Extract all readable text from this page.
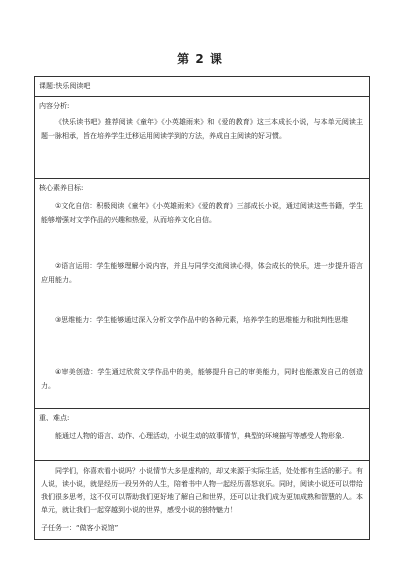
第 2 课
课题:快乐阅读吧
内容分析:
《快乐读书吧》推荐阅读《童年》《小英雄雨来》和《爱的教育》这三本成长小说，与本单元阅读主题一脉相承，旨在培养学生迁移运用阅读学到的方法，养成自主阅读的好习惯。
核心素养目标:
①文化自信：积极阅读《童年》《小英雄雨来》《爱的教育》三部成长小说，通过阅读这些书籍，学生能够增强对文学作品的兴趣和热爱，从而培养文化自信。
②语言运用：学生能够理解小说内容，并且与同学交流阅读心得，体会成长的快乐，进一步提升语言应用能力。
③思维能力：学生能够通过深入分析文学作品中的各种元素，培养学生的思维能力和批判性思维
④审美创造：学生通过欣赏文学作品中的美，能够提升自己的审美能力，同时也能激发自己的创造力。
重、难点:
能通过人物的语言、动作、心理活动，小说生动的故事情节，典型的环境描写等感受人物形象.
同学们，你喜欢看小说吗？小说情节大多是虚构的，却又来源于实际生活，处处都有生活的影子。有人说，读小说，就是经历一段另外的人生，陪着书中人物一起经历喜怒哀乐。同时，阅读小说还可以带给我们很多思考，这不仅可以帮助我们更好地了解自己和世界，还可以让我们成为更加成熟和智慧的人。本单元，就让我们一起穿越到小说的世界，感受小说的独特魅力！
子任务一：“做客小说馆”
